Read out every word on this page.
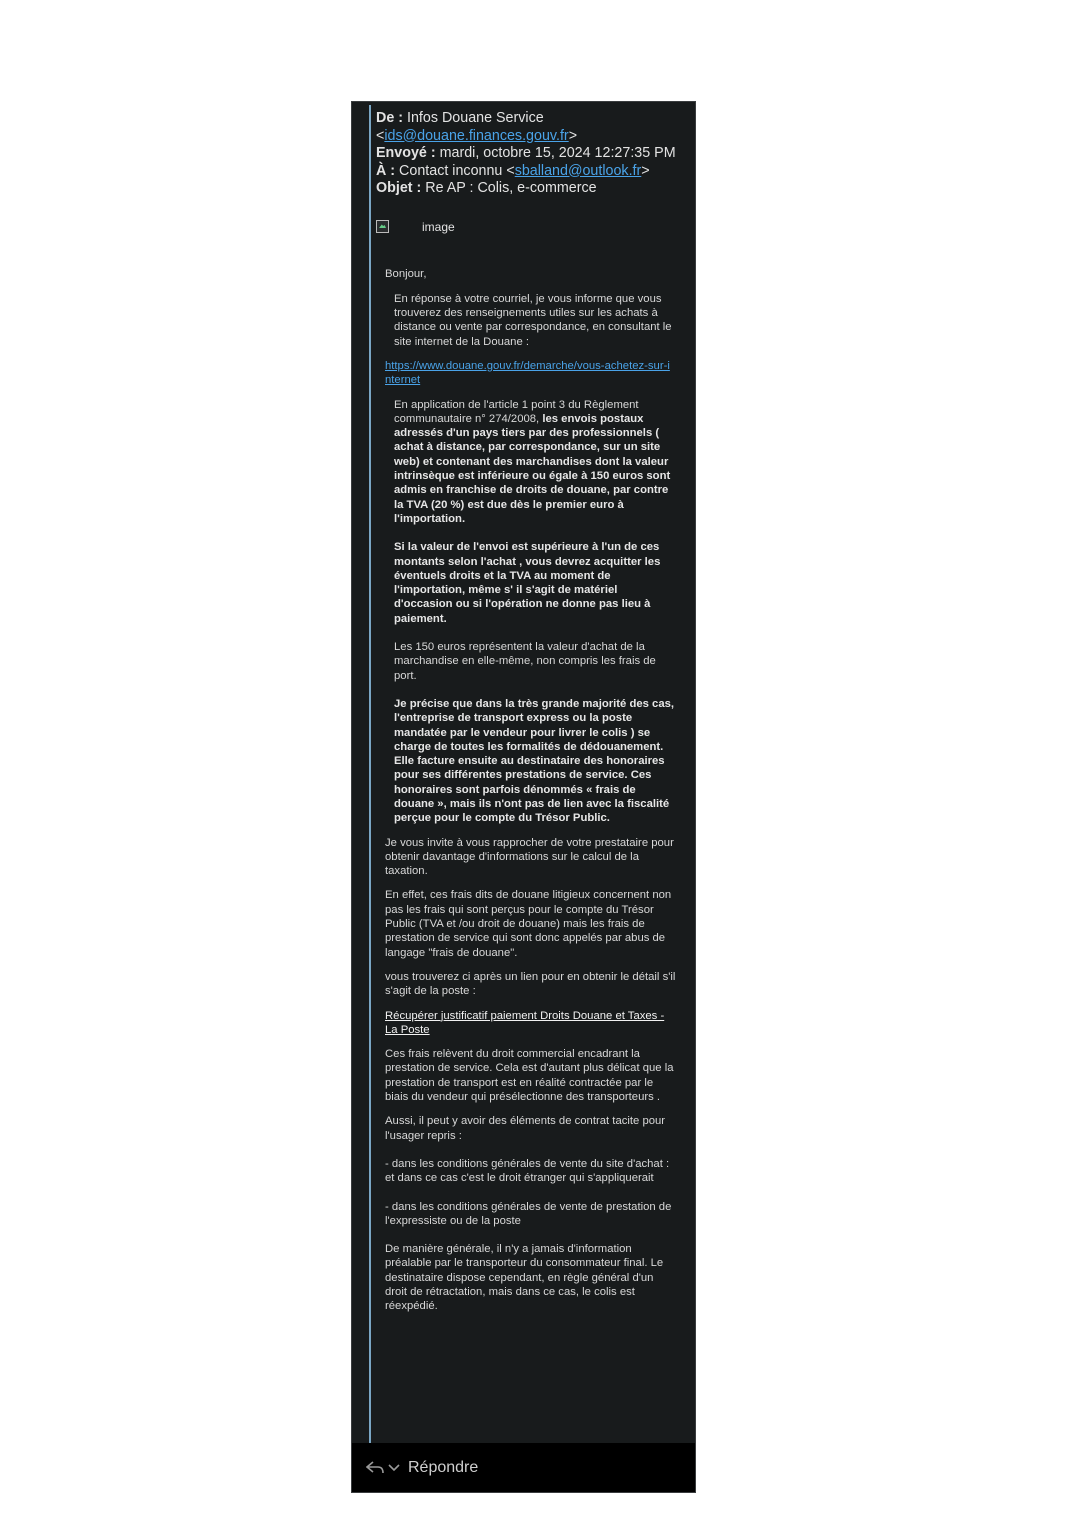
De : Infos Douane Service <ids@douane.finances.gouv.fr>
Envoyé : mardi, octobre 15, 2024 12:27:35 PM
À : Contact inconnu <sballand@outlook.fr>
Objet : Re AP : Colis, e-commerce
image

Bonjour,

En réponse à votre courriel, je vous informe que vous trouverez des renseignements utiles sur les achats à distance ou vente par correspondance, en consultant le site internet de la Douane :

https://www.douane.gouv.fr/demarche/vous-achetez-sur-internet

En application de l'article 1 point 3 du Règlement communautaire n° 274/2008, les envois postaux adressés d'un pays tiers par des professionnels ( achat à distance, par correspondance, sur un site web) et contenant des marchandises dont la valeur intrinsèque est inférieure ou égale à 150 euros sont admis en franchise de droits de douane, par contre la TVA (20 %) est due dès le premier euro à l'importation.

Si la valeur de l'envoi est supérieure à l'un de ces montants selon l'achat , vous devrez acquitter les éventuels droits et la TVA au moment de l'importation, même s' il s'agit de matériel d'occasion ou si l'opération ne donne pas lieu à paiement.

Les 150 euros représentent la valeur d'achat de la marchandise en elle-même, non compris les frais de port.

Je précise que dans la très grande majorité des cas, l'entreprise de transport express ou la poste mandatée par le vendeur pour livrer le colis ) se charge de toutes les formalités de dédouanement. Elle facture ensuite au destinataire des honoraires pour ses différentes prestations de service. Ces honoraires sont parfois dénommés « frais de douane », mais ils n'ont pas de lien avec la fiscalité perçue pour le compte du Trésor Public.

Je vous invite à vous rapprocher de votre prestataire pour obtenir davantage d'informations sur le calcul de la taxation.

En effet, ces frais dits de douane litigieux concernent non pas les frais qui sont perçus pour le compte du Trésor Public (TVA et /ou droit de douane) mais les frais de prestation de service qui sont donc appelés par abus de langage "frais de douane".

vous trouverez ci après un lien pour en obtenir le détail s'il s'agit de la poste :

Récupérer justificatif paiement Droits Douane et Taxes - La Poste

Ces frais relèvent du droit commercial encadrant la prestation de service. Cela est d'autant plus délicat que la prestation de transport est en réalité contractée par le biais du vendeur qui présélectionne des transporteurs .

Aussi, il peut y avoir des éléments de contrat tacite pour l'usager repris :

- dans les conditions générales de vente du site d'achat : et dans ce cas c'est le droit étranger qui s'appliquerait

- dans les conditions générales de vente de prestation de l'expressiste ou de la poste

De manière générale, il n'y a jamais d'information préalable par le transporteur du consommateur final. Le destinataire dispose cependant, en règle général d'un droit de rétractation, mais dans ce cas, le colis est réexpédié.

Répondre
